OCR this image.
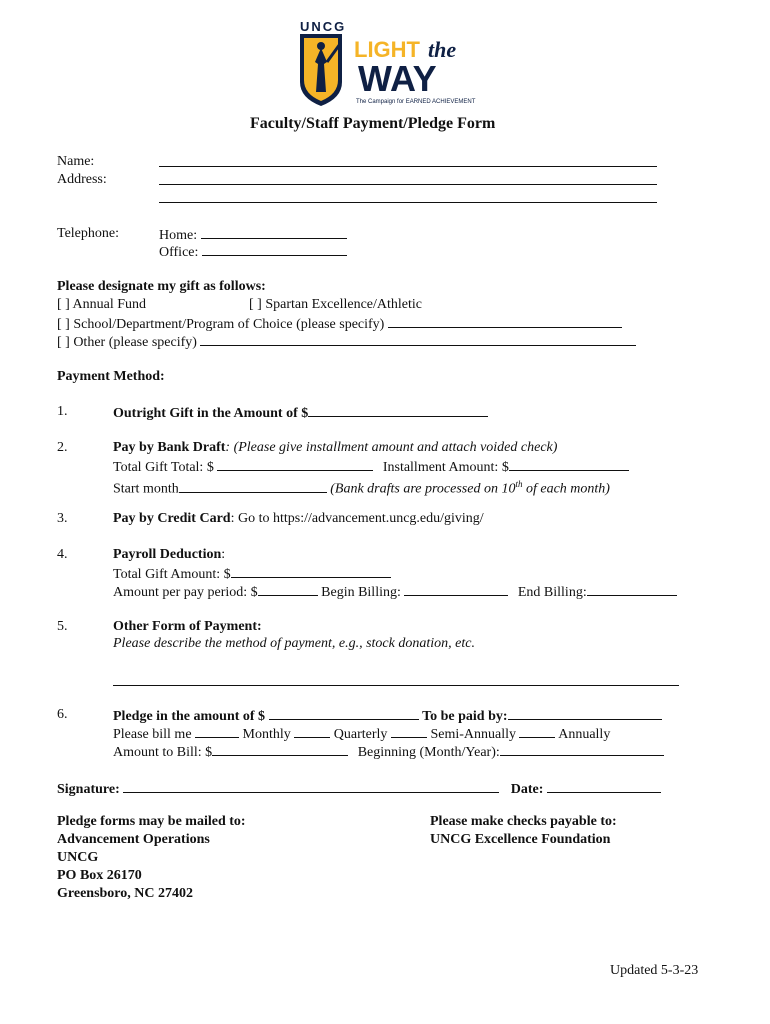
UNCG
LIGHT the
WAY
The Campaign for EARNED ACHIEVEMENT
Faculty/Staff Payment/Pledge Form
Name:
Address:
Telephone:	Home:
Office:
Please designate my gift as follows:
[ ] Annual Fund	[ ] Spartan Excellence/Athletic
[ ] School/Department/Program of Choice (please specify)
[ ] Other (please specify)
Payment Method:
1.	Outright Gift in the Amount of $
2.	Pay by Bank Draft: (Please give installment amount and attach voided check)
Total Gift Total: $	Installment Amount: $
Start month	(Bank drafts are processed on 10th of each month)
3.	Pay by Credit Card: Go to https://advancement.uncg.edu/giving/
4.	Payroll Deduction:
Total Gift Amount: $
Amount per pay period: $	Begin Billing:	End Billing:
5.	Other Form of Payment:
Please describe the method of payment, e.g., stock donation, etc.
6.	Pledge in the amount of $	To be paid by:
Please bill me	Monthly	Quarterly	Semi-Annually	Annually
Amount to Bill: $	Beginning (Month/Year):
Signature:	Date:
Pledge forms may be mailed to:
Advancement Operations
UNCG
PO Box 26170
Greensboro, NC 27402
Please make checks payable to:
UNCG Excellence Foundation
Updated 5-3-23
